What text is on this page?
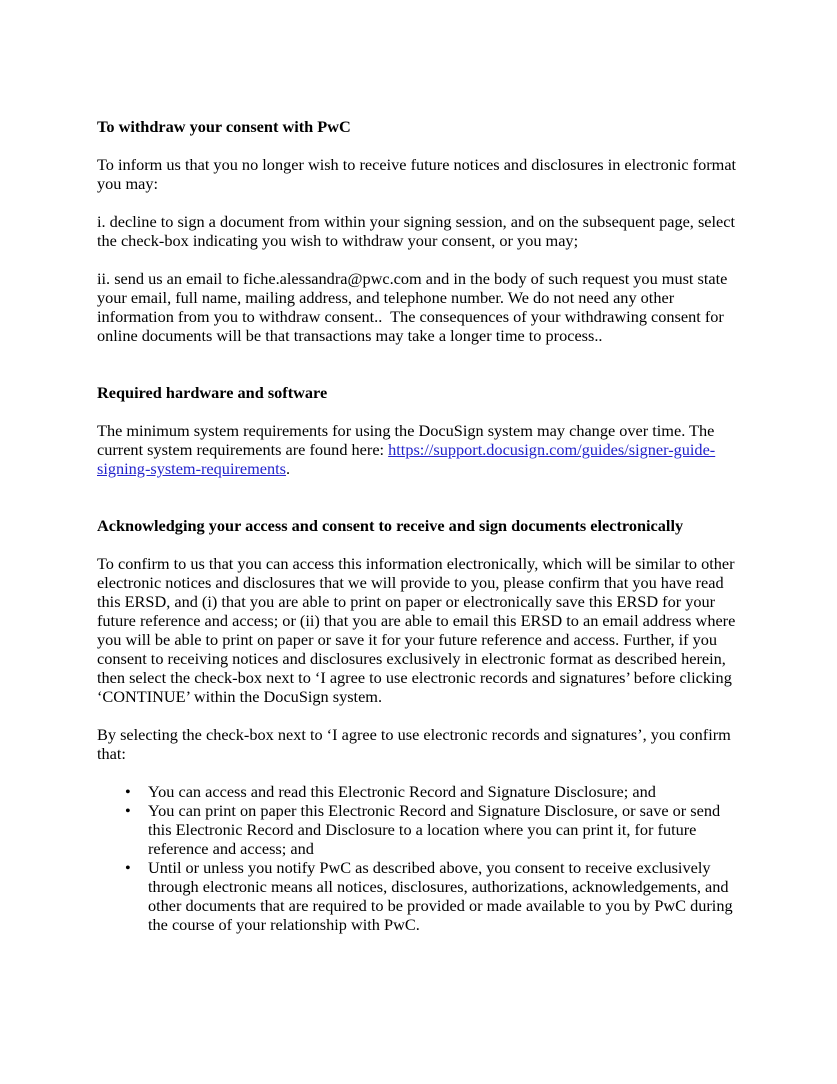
To withdraw your consent with PwC

To inform us that you no longer wish to receive future notices and disclosures in electronic format you may:

i. decline to sign a document from within your signing session, and on the subsequent page, select the check-box indicating you wish to withdraw your consent, or you may;

ii. send us an email to fiche.alessandra@pwc.com and in the body of such request you must state your email, full name, mailing address, and telephone number. We do not need any other information from you to withdraw consent..  The consequences of your withdrawing consent for online documents will be that transactions may take a longer time to process..

Required hardware and software

The minimum system requirements for using the DocuSign system may change over time. The current system requirements are found here: https://support.docusign.com/guides/signer-guide-signing-system-requirements.

Acknowledging your access and consent to receive and sign documents electronically

To confirm to us that you can access this information electronically, which will be similar to other electronic notices and disclosures that we will provide to you, please confirm that you have read this ERSD, and (i) that you are able to print on paper or electronically save this ERSD for your future reference and access; or (ii) that you are able to email this ERSD to an email address where you will be able to print on paper or save it for your future reference and access. Further, if you consent to receiving notices and disclosures exclusively in electronic format as described herein, then select the check-box next to ‘I agree to use electronic records and signatures’ before clicking ‘CONTINUE’ within the DocuSign system.

By selecting the check-box next to ‘I agree to use electronic records and signatures’, you confirm that:

• You can access and read this Electronic Record and Signature Disclosure; and
• You can print on paper this Electronic Record and Signature Disclosure, or save or send this Electronic Record and Disclosure to a location where you can print it, for future reference and access; and
• Until or unless you notify PwC as described above, you consent to receive exclusively through electronic means all notices, disclosures, authorizations, acknowledgements, and other documents that are required to be provided or made available to you by PwC during the course of your relationship with PwC.
